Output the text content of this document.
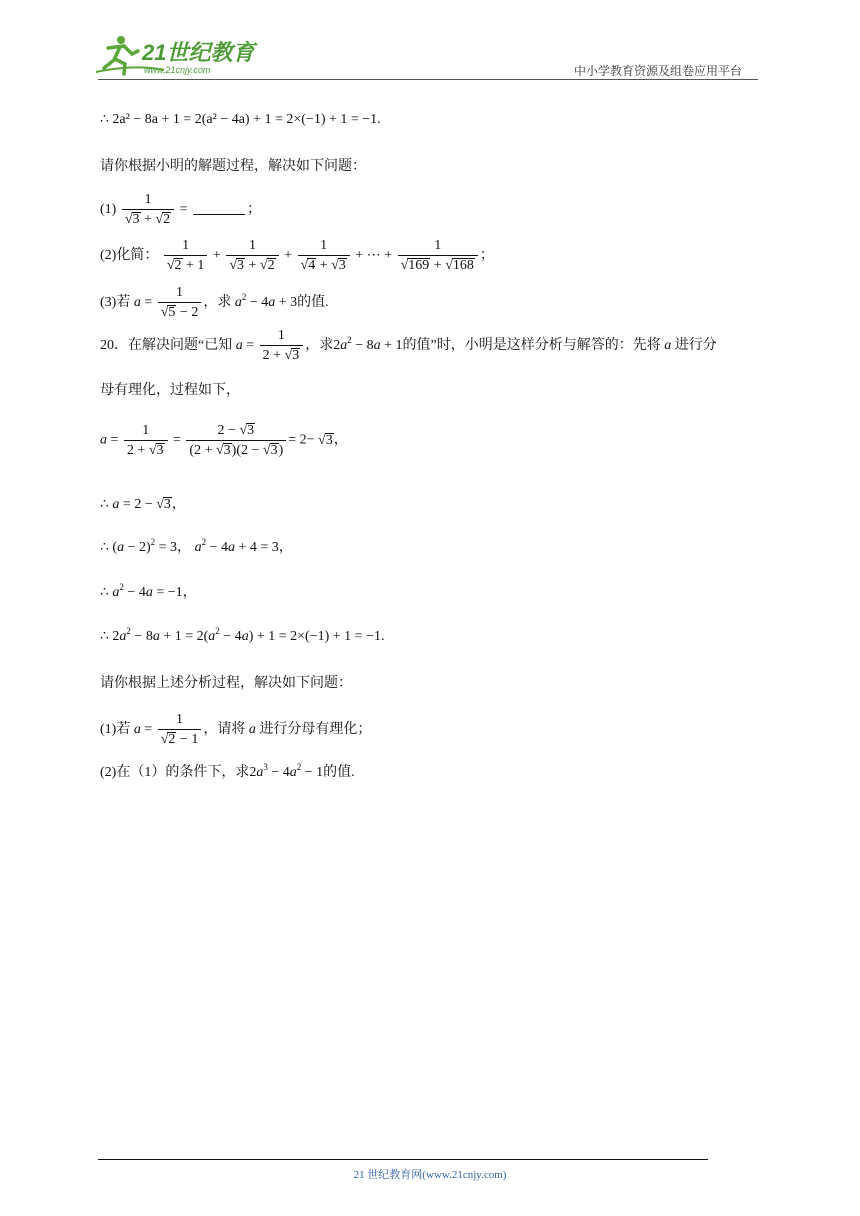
21世纪教育
www.21cnjy.com	中小学教育资源及组卷应用平台
∴ 2a² − 8a + 1 = 2(a² − 4a) + 1 = 2×(−1) + 1 = −1.
请你根据小明的解题过程，解决如下问题：
$(1) \frac{1}{√3 + √2}$ =	；
(2)化简： $\frac{1}{√2 + 1} + \frac{1}{√3 + √2} + \frac{1}{√4 + √3}$ + ⋯ + $\frac{1}{√169 + √168}$ ；
(3)若 $a = \frac{1}{√5 - 2}$ ，求 $a^2 - 4a + 3$的值.
20．在解决问题“已知 $a = \frac{1}{2 + √3}$ ，求$2a^2 - 8a + 1$的值”时，小明是这样分析与解答的：先将 a 进行分
母有理化，过程如下，
$a = \frac{1}{2 + √3} = \frac{2 - √3}{(2 + √3)(2 - √3)} = 2- √3$，
∴ a = 2 − √3，
∴ $(a - 2)^2 = 3$， $a^2 - 4a + 4 = 3$，
∴ $a^2 - 4a = -1$，
∴ $2a^2 - 8a + 1 = 2(a^2 - 4a) + 1 = 2\times(-1) + 1 = -1$.
请你根据上述分析过程，解决如下问题：
(1)若 $a = \frac{1}{√2 - 1}$ ，请将 a 进行分母有理化；
(2)在（1）的条件下，求$2a^3 - 4a^2 - 1$的值.
21 世纪教育网(www.21cnjy.com)
